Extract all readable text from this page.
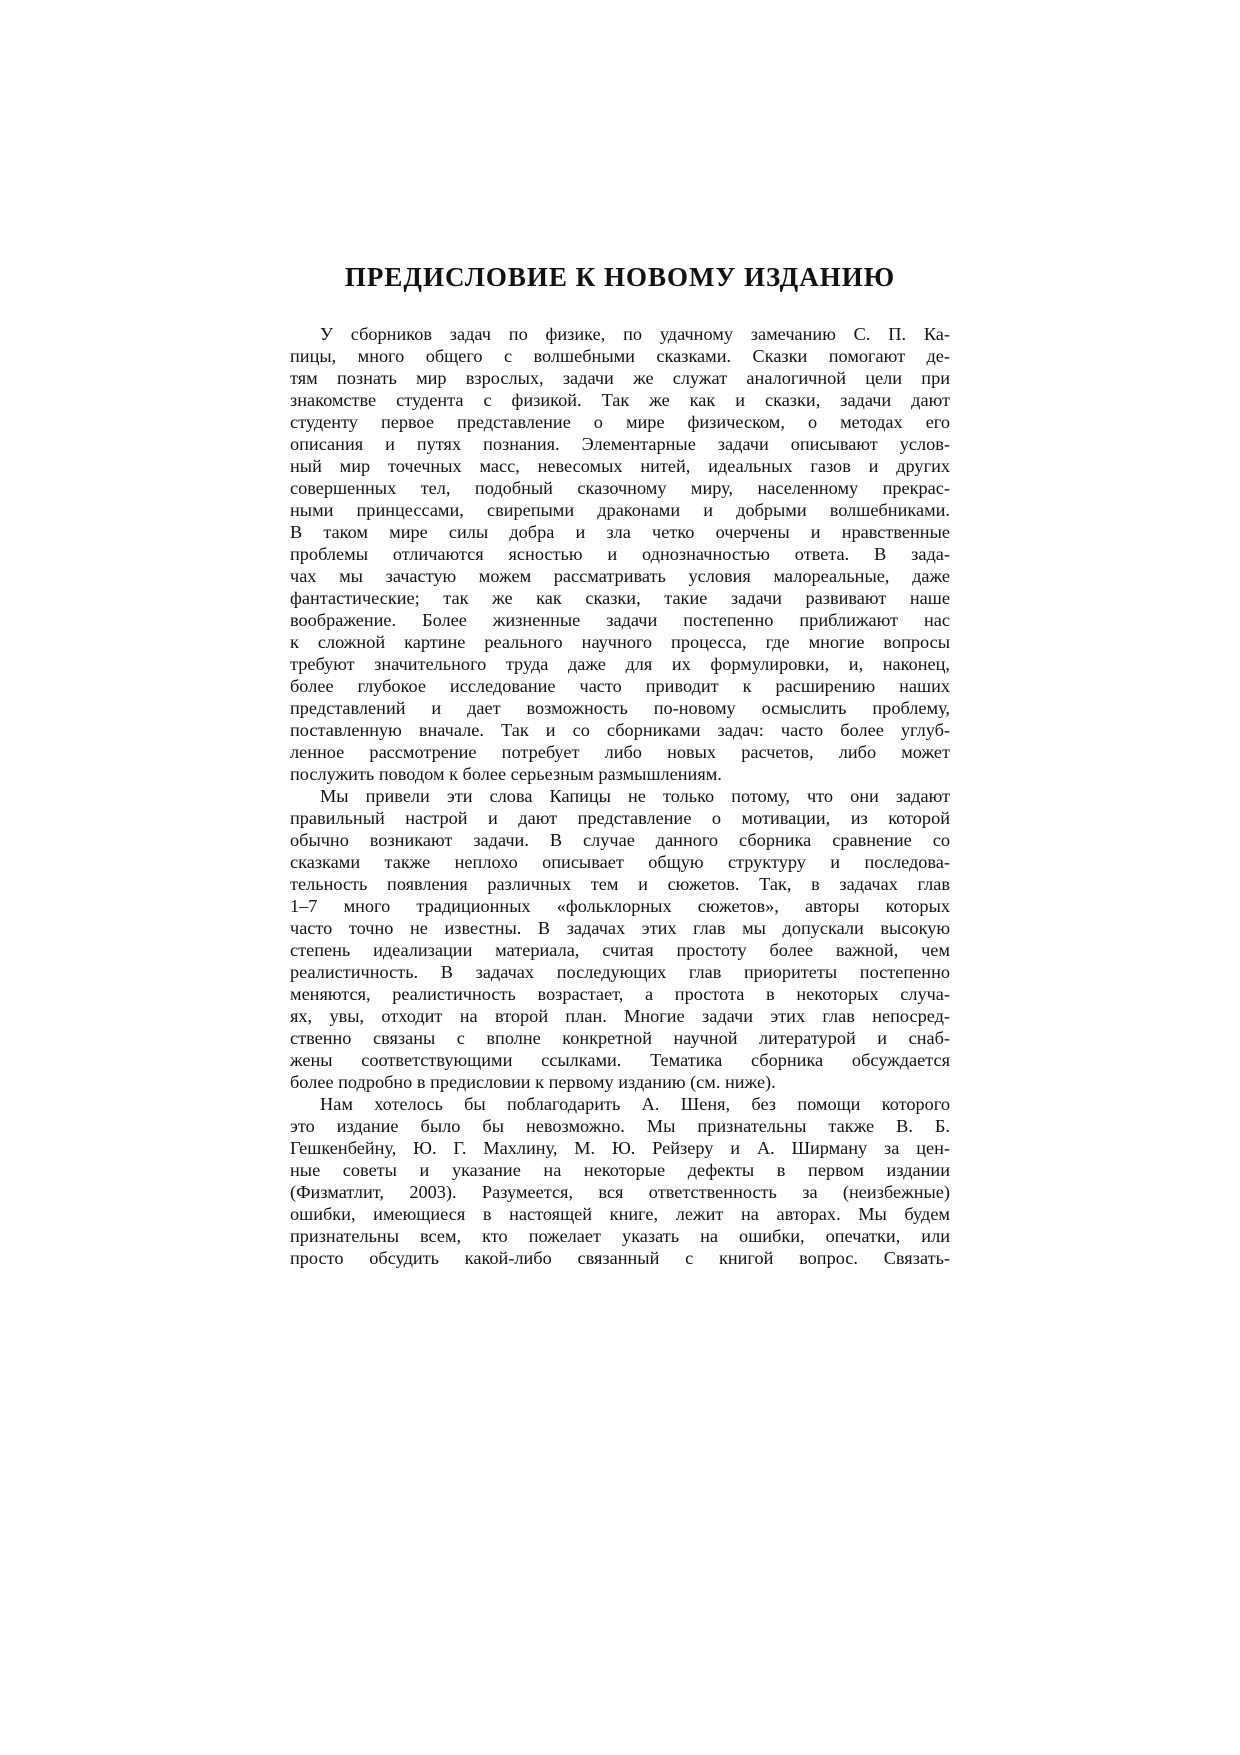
ПРЕДИСЛОВИЕ К НОВОМУ ИЗДАНИЮ
У сборников задач по физике, по удачному замечанию С. П. Ка-
пицы, много общего с волшебными сказками. Сказки помогают де-
тям познать мир взрослых, задачи же служат аналогичной цели при
знакомстве студента с физикой. Так же как и сказки, задачи дают
студенту первое представление о мире физическом, о методах его
описания и путях познания. Элементарные задачи описывают услов-
ный мир точечных масс, невесомых нитей, идеальных газов и других
совершенных тел, подобный сказочному миру, населенному прекрас-
ными принцессами, свирепыми драконами и добрыми волшебниками.
В таком мире силы добра и зла четко очерчены и нравственные
проблемы отличаются ясностью и однозначностью ответа. В зада-
чах мы зачастую можем рассматривать условия малореальные, даже
фантастические; так же как сказки, такие задачи развивают наше
воображение. Более жизненные задачи постепенно приближают нас
к сложной картине реального научного процесса, где многие вопросы
требуют значительного труда даже для их формулировки, и, наконец,
более глубокое исследование часто приводит к расширению наших
представлений и дает возможность по-новому осмыслить проблему,
поставленную вначале. Так и со сборниками задач: часто более углуб-
ленное рассмотрение потребует либо новых расчетов, либо может
послужить поводом к более серьезным размышлениям.
Мы привели эти слова Капицы не только потому, что они задают
правильный настрой и дают представление о мотивации, из которой
обычно возникают задачи. В случае данного сборника сравнение со
сказками также неплохо описывает общую структуру и последова-
тельность появления различных тем и сюжетов. Так, в задачах глав
1–7 много традиционных «фольклорных сюжетов», авторы которых
часто точно не известны. В задачах этих глав мы допускали высокую
степень идеализации материала, считая простоту более важной, чем
реалистичность. В задачах последующих глав приоритеты постепенно
меняются, реалистичность возрастает, а простота в некоторых случа-
ях, увы, отходит на второй план. Многие задачи этих глав непосред-
ственно связаны с вполне конкретной научной литературой и снаб-
жены соответствующими ссылками. Тематика сборника обсуждается
более подробно в предисловии к первому изданию (см. ниже).
Нам хотелось бы поблагодарить А. Шеня, без помощи которого
это издание было бы невозможно. Мы признательны также В. Б.
Гешкенбейну, Ю. Г. Махлину, М. Ю. Рейзеру и А. Ширману за цен-
ные советы и указание на некоторые дефекты в первом издании
(Физматлит, 2003). Разумеется, вся ответственность за (неизбежные)
ошибки, имеющиеся в настоящей книге, лежит на авторах. Мы будем
признательны всем, кто пожелает указать на ошибки, опечатки, или
просто обсудить какой-либо связанный с книгой вопрос. Связать-
